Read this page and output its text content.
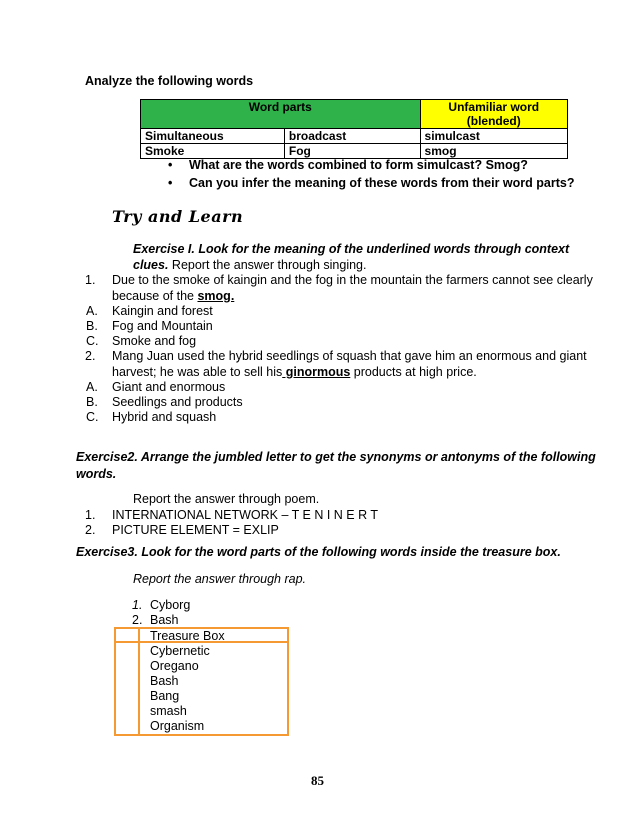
Analyze the following words
Word parts		Unfamiliar word
(blended)

Simultaneous	broadcast	simulcast
Smoke	Fog	smog
• What are the words combined to form simulcast? Smog?
• Can you infer the meaning of these words from their word parts?
Try and Learn
Exercise I. Look for the meaning of the underlined words through context
clues. Report the answer through singing.
1. Due to the smoke of kaingin and the fog in the mountain the farmers cannot see clearly
because of the smog.
A. Kaingin and forest
B. Fog and Mountain
C. Smoke and fog
2. Mang Juan used the hybrid seedlings of squash that gave him an enormous and giant
harvest; he was able to sell his ginormous products at high price.
A. Giant and enormous
B. Seedlings and products
C. Hybrid and squash
Exercise2. Arrange the jumbled letter to get the synonyms or antonyms of the following
words.
Report the answer through poem.
1. INTERNATIONAL NETWORK – T E N I N E R T
2. PICTURE ELEMENT = EXLIP
Exercise3. Look for the word parts of the following words inside the treasure box.
Report the answer through rap.
1. Cyborg
2. Bash
Treasure Box
Cybernetic
Oregano
Bash
Bang
smash
Organism
85
